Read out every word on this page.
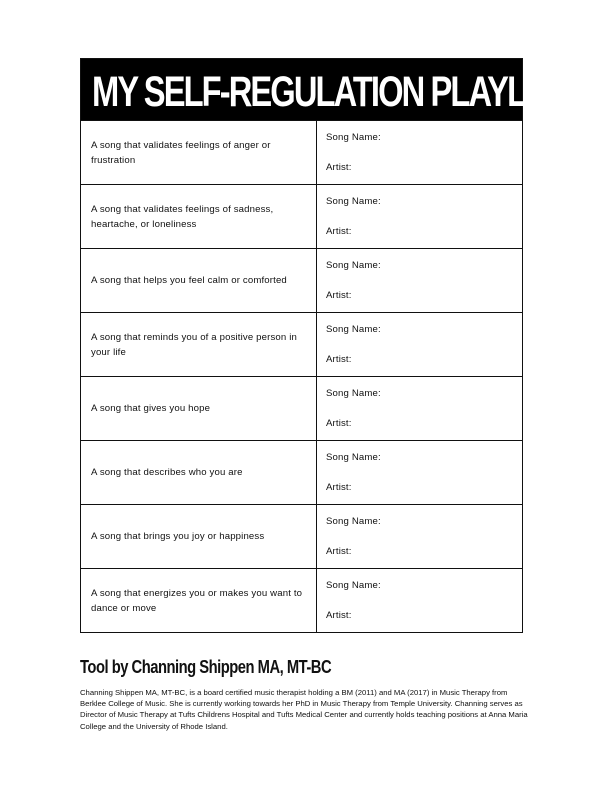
MY SELF-REGULATION PLAYLIST
A song that validates feelings of anger or frustration
Song Name:
Artist:
A song that validates feelings of sadness, heartache, or loneliness
Song Name:
Artist:
A song that helps you feel calm or comforted
Song Name:
Artist:
A song that reminds you of a positive person in your life
Song Name:
Artist:
A song that gives you hope
Song Name:
Artist:
A song that describes who you are
Song Name:
Artist:
A song that brings you joy or happiness
Song Name:
Artist:
A song that energizes you or makes you want to dance or move
Song Name:
Artist:
Tool by Channing Shippen MA, MT-BC
Channing Shippen MA, MT-BC, is a board certified music therapist holding a BM (2011) and MA (2017) in Music Therapy from Berklee College of Music. She is currently working towards her PhD in Music Therapy from Temple University. Channing serves as Director of Music Therapy at Tufts Childrens Hospital and Tufts Medical Center and currently holds teaching positions at Anna Maria College and the University of Rhode Island.
